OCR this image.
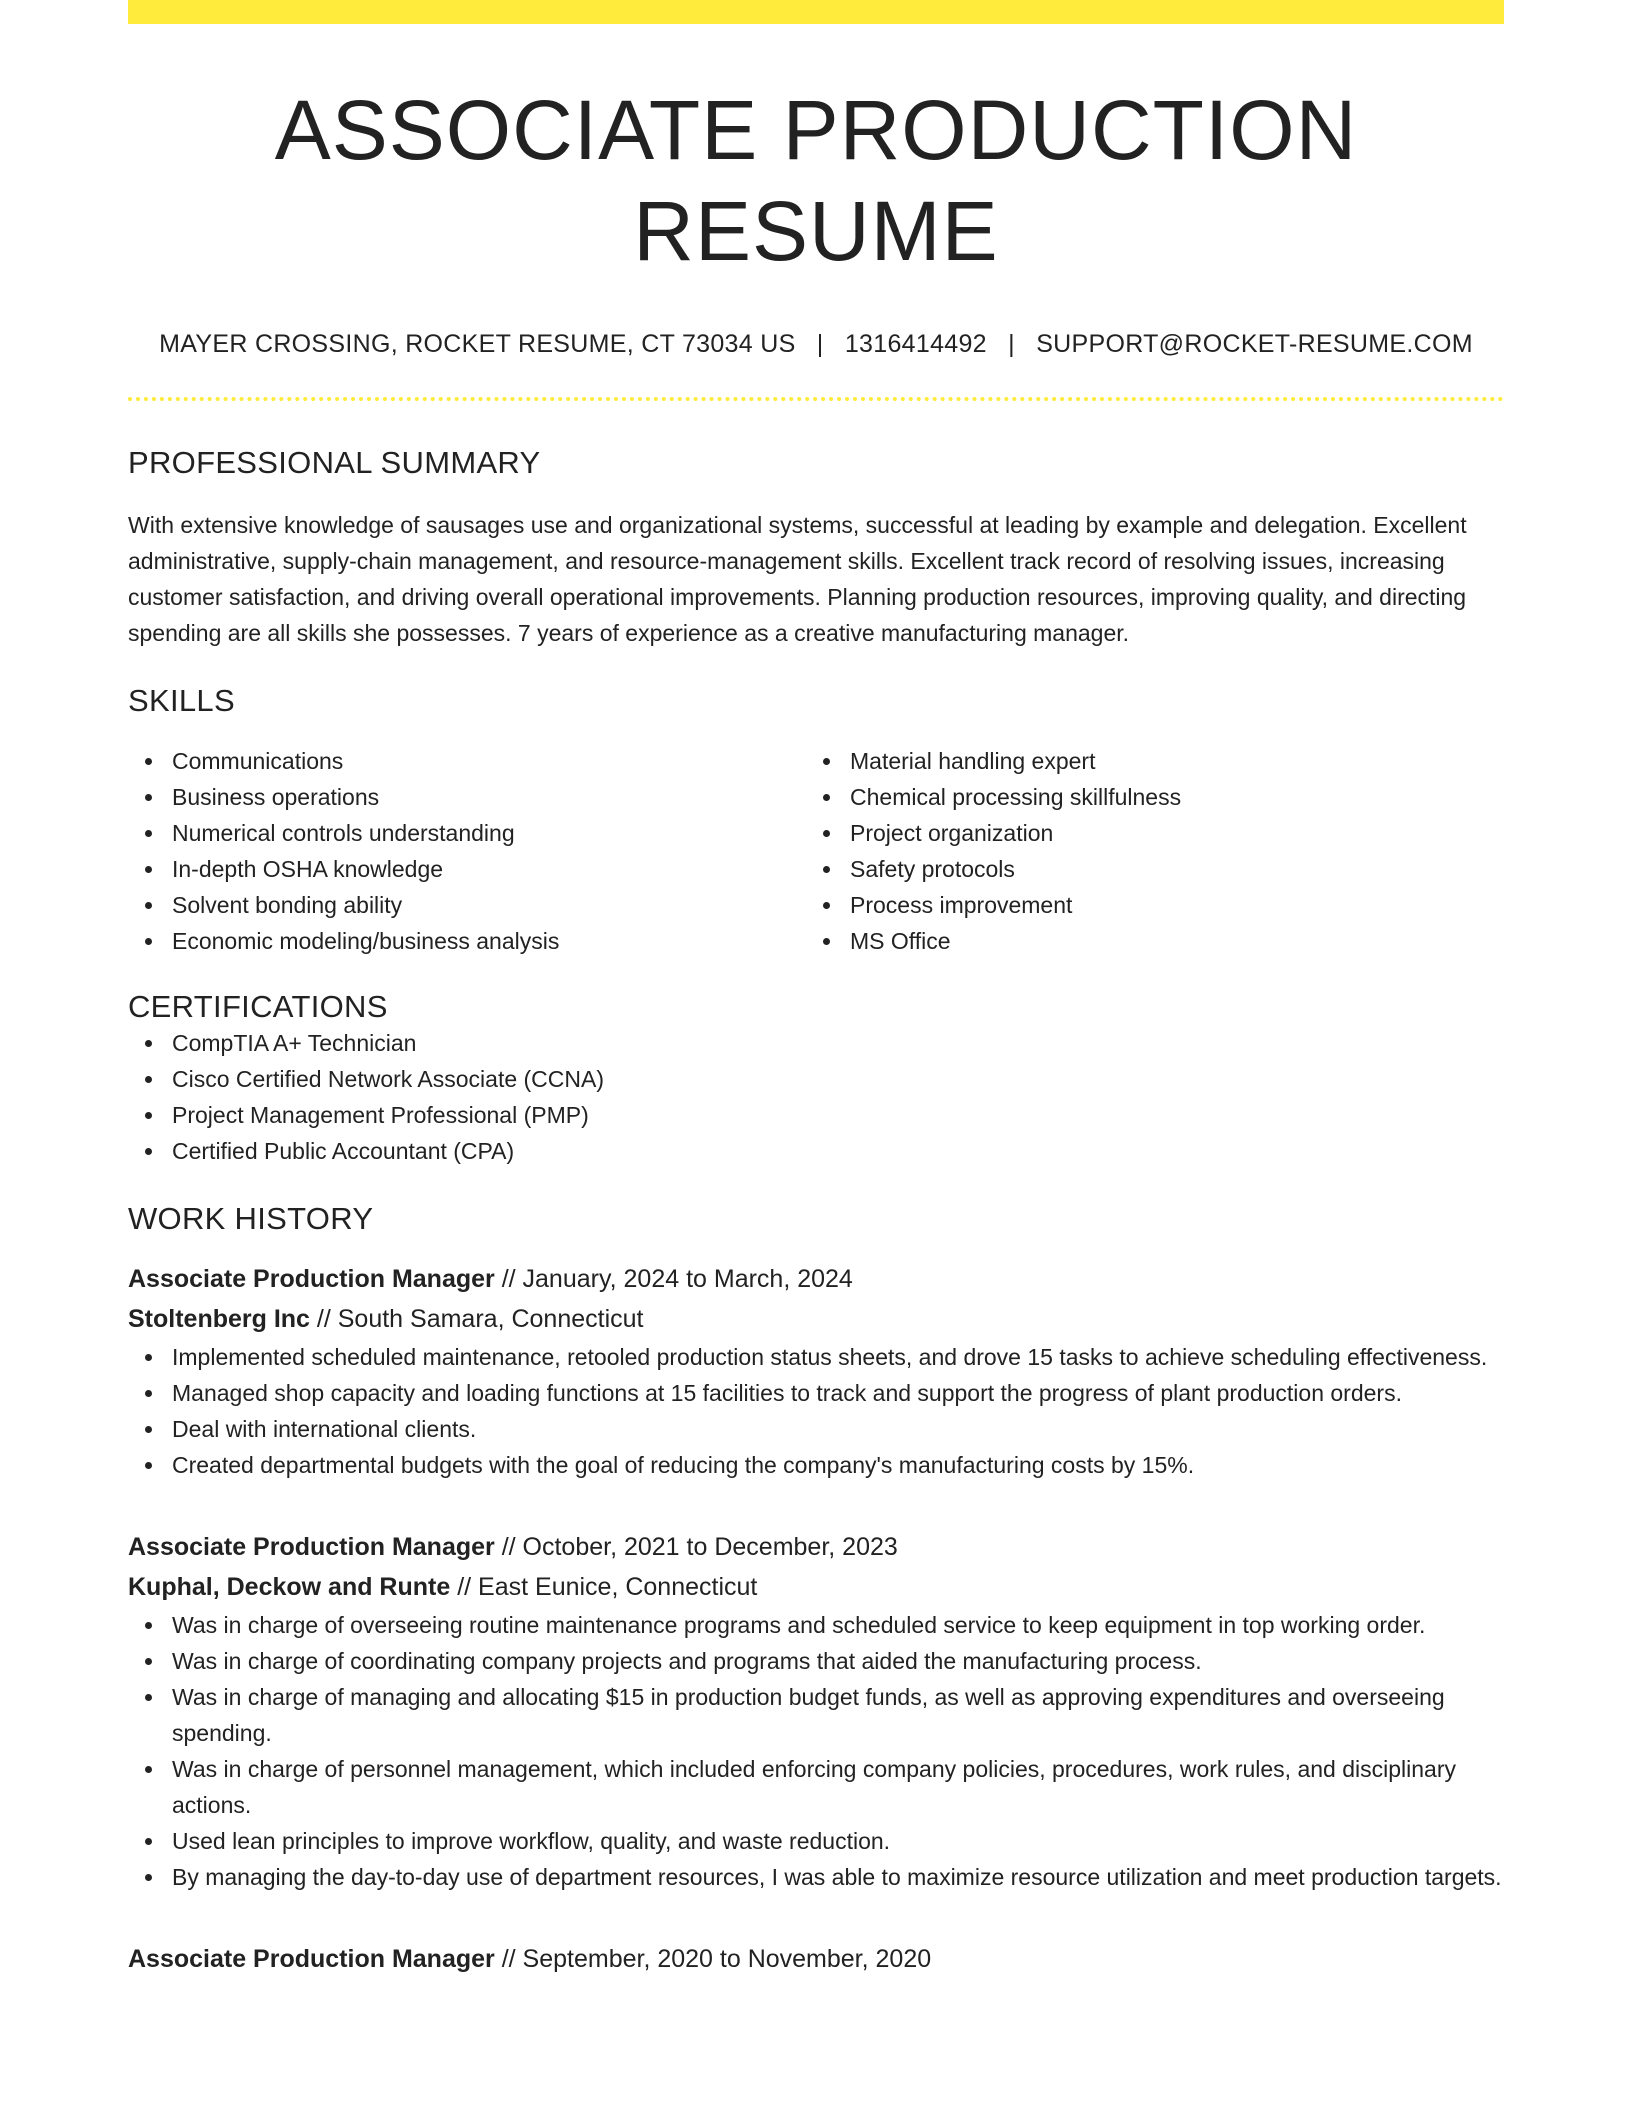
ASSOCIATE PRODUCTION RESUME
MAYER CROSSING, ROCKET RESUME, CT 73034 US | 1316414492 | SUPPORT@ROCKET-RESUME.COM
PROFESSIONAL SUMMARY

With extensive knowledge of sausages use and organizational systems, successful at leading by example and delegation. Excellent administrative, supply-chain management, and resource-management skills. Excellent track record of resolving issues, increasing customer satisfaction, and driving overall operational improvements. Planning production resources, improving quality, and directing spending are all skills she possesses. 7 years of experience as a creative manufacturing manager.

SKILLS
Communications
Business operations
Numerical controls understanding
In-depth OSHA knowledge
Solvent bonding ability
Economic modeling/business analysis
Material handling expert
Chemical processing skillfulness
Project organization
Safety protocols
Process improvement
MS Office
CERTIFICATIONS
CompTIA A+ Technician
Cisco Certified Network Associate (CCNA)
Project Management Professional (PMP)
Certified Public Accountant (CPA)
WORK HISTORY
Associate Production Manager // January, 2024 to March, 2024
Stoltenberg Inc // South Samara, Connecticut
Implemented scheduled maintenance, retooled production status sheets, and drove 15 tasks to achieve scheduling effectiveness.
Managed shop capacity and loading functions at 15 facilities to track and support the progress of plant production orders.
Deal with international clients.
Created departmental budgets with the goal of reducing the company's manufacturing costs by 15%.
Associate Production Manager // October, 2021 to December, 2023
Kuphal, Deckow and Runte // East Eunice, Connecticut
Was in charge of overseeing routine maintenance programs and scheduled service to keep equipment in top working order.
Was in charge of coordinating company projects and programs that aided the manufacturing process.
Was in charge of managing and allocating $15 in production budget funds, as well as approving expenditures and overseeing spending.
Was in charge of personnel management, which included enforcing company policies, procedures, work rules, and disciplinary actions.
Used lean principles to improve workflow, quality, and waste reduction.
By managing the day-to-day use of department resources, I was able to maximize resource utilization and meet production targets.
Associate Production Manager // September, 2020 to November, 2020
